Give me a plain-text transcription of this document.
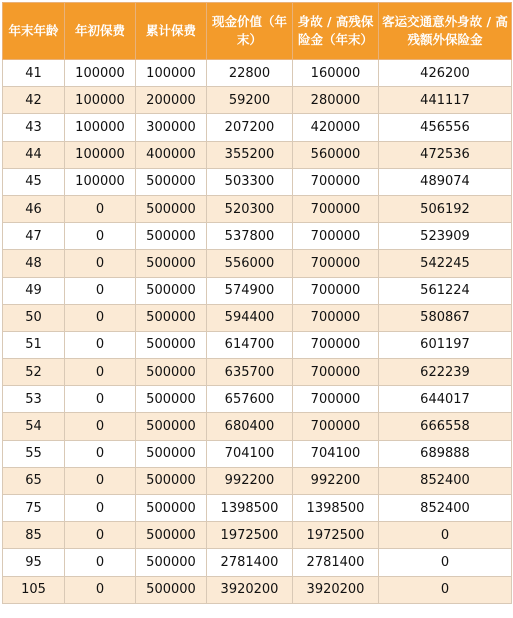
年末年龄	年初保费	累计保费	现金价值（年末）	身故 / 高残保险金（年末）	客运交通意外身故 / 高残额外保险金
41	100000	100000	22800	160000	426200
42	100000	200000	59200	280000	441117
43	100000	300000	207200	420000	456556
44	100000	400000	355200	560000	472536
45	100000	500000	503300	700000	489074
46	0	500000	520300	700000	506192
47	0	500000	537800	700000	523909
48	0	500000	556000	700000	542245
49	0	500000	574900	700000	561224
50	0	500000	594400	700000	580867
51	0	500000	614700	700000	601197
52	0	500000	635700	700000	622239
53	0	500000	657600	700000	644017
54	0	500000	680400	700000	666558
55	0	500000	704100	704100	689888
65	0	500000	992200	992200	852400
75	0	500000	1398500	1398500	852400
85	0	500000	1972500	1972500	0
95	0	500000	2781400	2781400	0
105	0	500000	3920200	3920200	0
